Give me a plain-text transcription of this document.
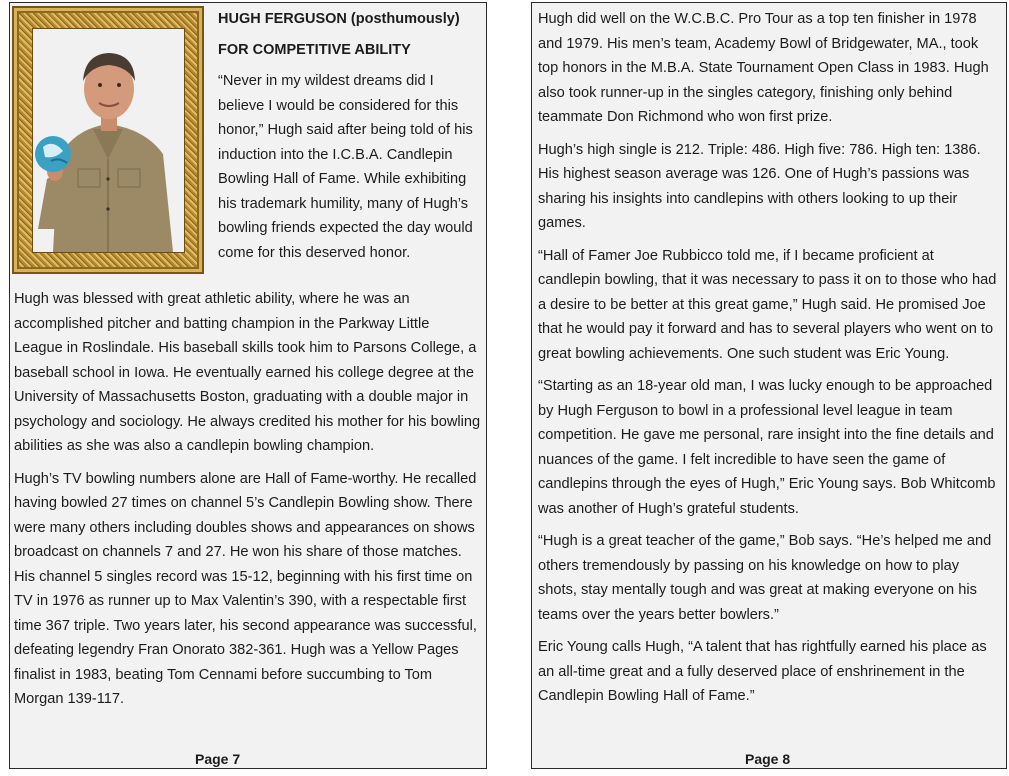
HUGH FERGUSON (posthumously)
FOR COMPETITIVE ABILITY

“Never in my wildest dreams did I believe I would be considered for this honor,” Hugh said after being told of his induction into the I.C.B.A. Candlepin Bowling Hall of Fame. While exhibiting his trademark humility, many of Hugh’s bowling friends expected the day would come for this deserved honor.

Hugh was blessed with great athletic ability, where he was an accomplished pitcher and batting champion in the Parkway Little League in Roslindale. His baseball skills took him to Parsons College, a baseball school in Iowa. He eventually earned his college degree at the University of Massachusetts Boston, graduating with a double major in psychology and sociology. He always credited his mother for his bowling abilities as she was also a candlepin bowling champion.

Hugh’s TV bowling numbers alone are Hall of Fame-worthy. He recalled having bowled 27 times on channel 5’s Candlepin Bowling show. There were many others including doubles shows and appearances on shows broadcast on channels 7 and 27. He won his share of those matches. His channel 5 singles record was 15-12, beginning with his first time on TV in 1976 as runner up to Max Valentin’s 390, with a respectable first time 367 triple. Two years later, his second appearance was successful, defeating legendry Fran Onorato 382-361. Hugh was a Yellow Pages finalist in 1983, beating Tom Cennami before succumbing to Tom Morgan 139-117.

Page 7

Hugh did well on the W.C.B.C. Pro Tour as a top ten finisher in 1978 and 1979. His men’s team, Academy Bowl of Bridgewater, MA., took top honors in the M.B.A. State Tournament Open Class in 1983. Hugh also took runner-up in the singles category, finishing only behind teammate Don Richmond who won first prize.

Hugh’s high single is 212. Triple: 486. High five: 786. High ten: 1386. His highest season average was 126. One of Hugh’s passions was sharing his insights into candlepins with others looking to up their games.

“Hall of Famer Joe Rubbicco told me, if I became proficient at candlepin bowling, that it was necessary to pass it on to those who had a desire to be better at this great game,” Hugh said. He promised Joe that he would pay it forward and has to several players who went on to great bowling achievements. One such student was Eric Young.

“Starting as an 18-year old man, I was lucky enough to be approached by Hugh Ferguson to bowl in a professional level league in team competition. He gave me personal, rare insight into the fine details and nuances of the game. I felt incredible to have seen the game of candlepins through the eyes of Hugh,” Eric Young says. Bob Whitcomb was another of Hugh’s grateful students.

“Hugh is a great teacher of the game,” Bob says. “He’s helped me and others tremendously by passing on his knowledge on how to play shots, stay mentally tough and was great at making everyone on his teams over the years better bowlers.”

Eric Young calls Hugh, “A talent that has rightfully earned his place as an all-time great and a fully deserved place of enshrinement in the Candlepin Bowling Hall of Fame.”

Page 8
